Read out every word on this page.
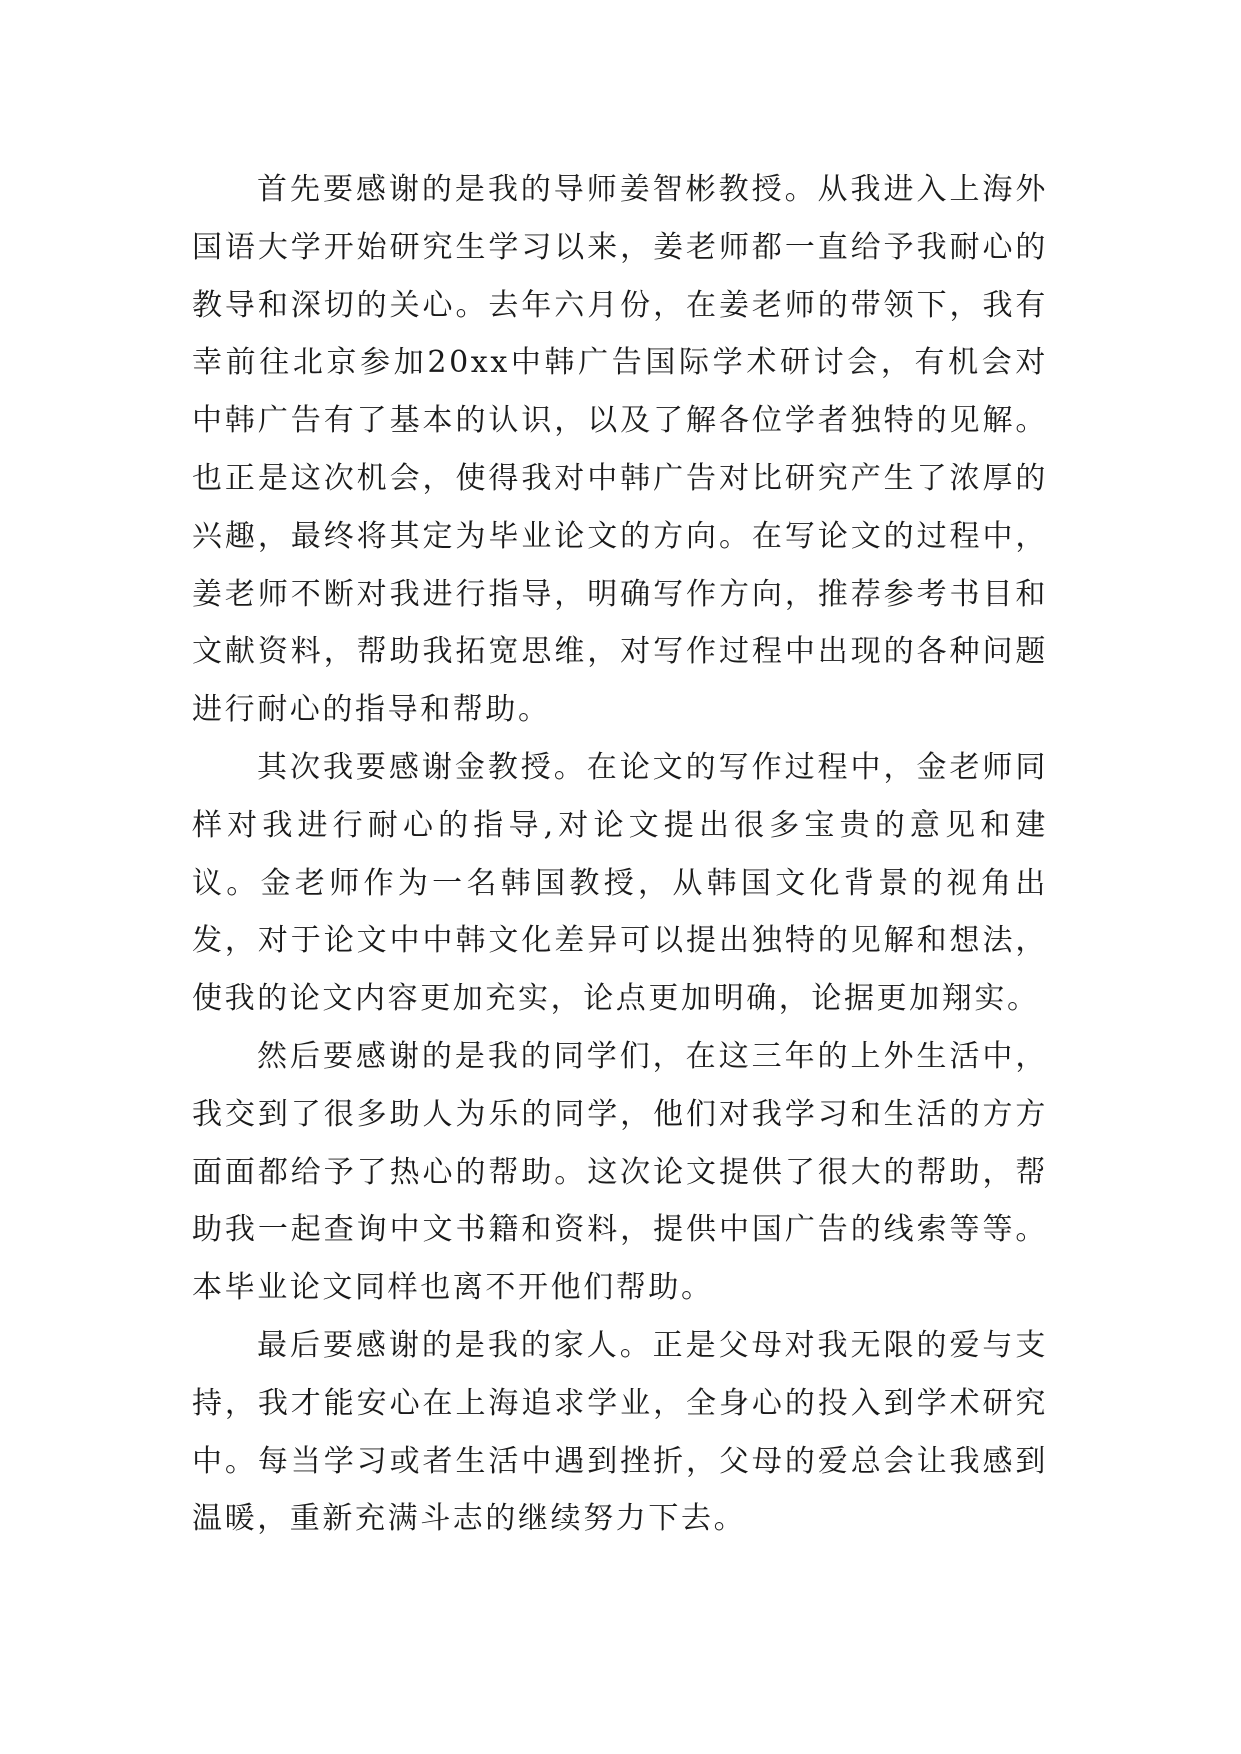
首先要感谢的是我的导师姜智彬教授。从我进入上海外国语大学开始研究生学习以来，姜老师都一直给予我耐心的教导和深切的关心。去年六月份，在姜老师的带领下，我有幸前往北京参加20xx中韩广告国际学术研讨会，有机会对中韩广告有了基本的认识，以及了解各位学者独特的见解。也正是这次机会，使得我对中韩广告对比研究产生了浓厚的兴趣，最终将其定为毕业论文的方向。在写论文的过程中，姜老师不断对我进行指导，明确写作方向，推荐参考书目和文献资料，帮助我拓宽思维，对写作过程中出现的各种问题进行耐心的指导和帮助。

其次我要感谢金教授。在论文的写作过程中，金老师同样对我进行耐心的指导,对论文提出很多宝贵的意见和建议。金老师作为一名韩国教授，从韩国文化背景的视角出发，对于论文中中韩文化差异可以提出独特的见解和想法，使我的论文内容更加充实，论点更加明确，论据更加翔实。

然后要感谢的是我的同学们，在这三年的上外生活中，我交到了很多助人为乐的同学，他们对我学习和生活的方方面面都给予了热心的帮助。这次论文提供了很大的帮助，帮助我一起查询中文书籍和资料，提供中国广告的线索等等。本毕业论文同样也离不开他们帮助。

最后要感谢的是我的家人。正是父母对我无限的爱与支持，我才能安心在上海追求学业，全身心的投入到学术研究中。每当学习或者生活中遇到挫折，父母的爱总会让我感到温暖，重新充满斗志的继续努力下去。
